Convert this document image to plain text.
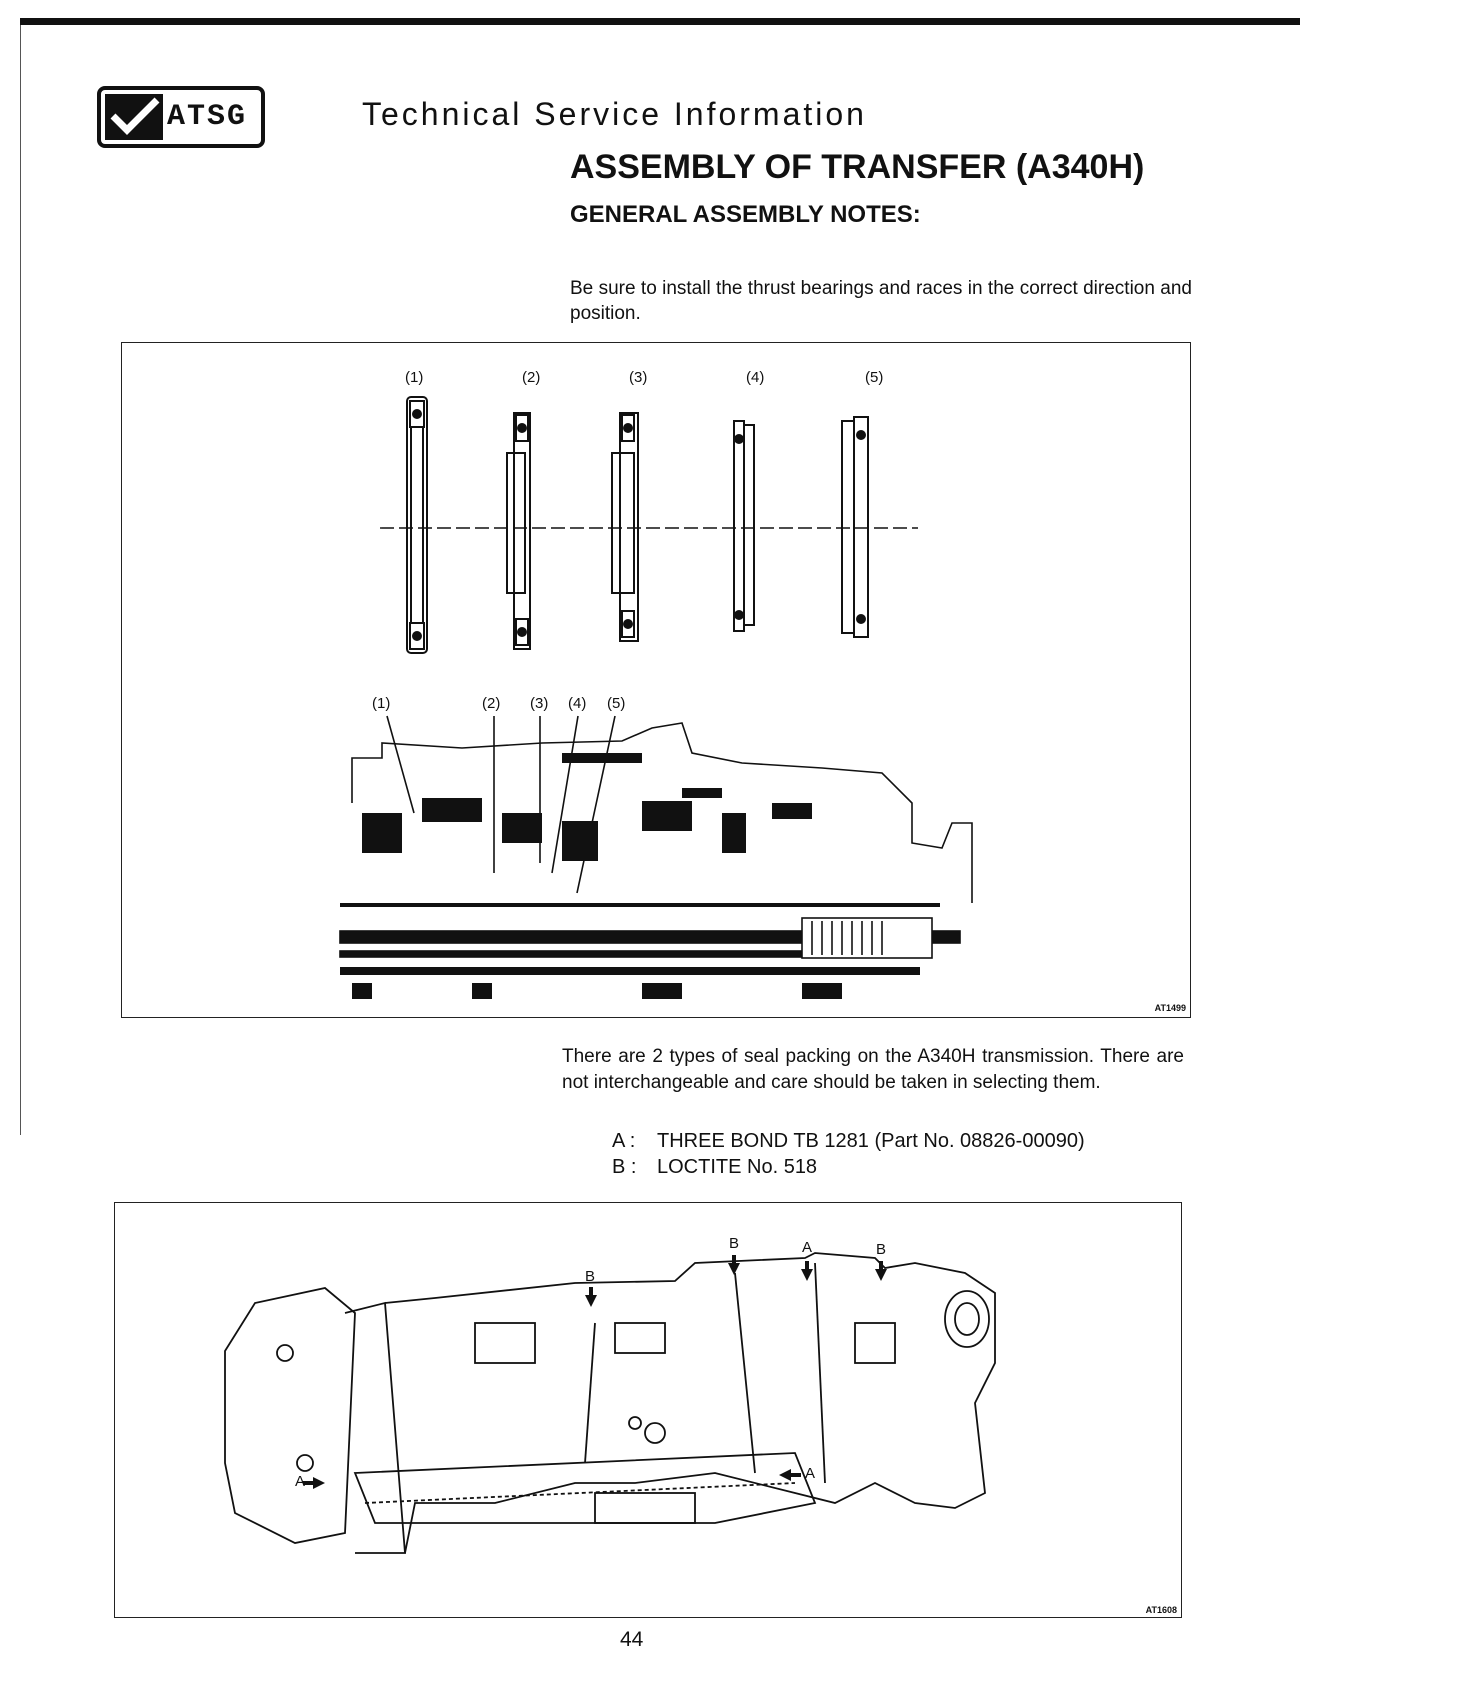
ATSG	Technical Service Information
ASSEMBLY OF TRANSFER (A340H)
GENERAL ASSEMBLY NOTES:
Be sure to install the thrust bearings and races in the correct direction and position.
(1)	(2)	(3)	(4)	(5)
(1)	(2) (3) (4) (5)
AT1499
There are 2 types of seal packing on the A340H transmission. There are not interchangeable and care should be taken in selecting them.
A :	THREE BOND TB 1281 (Part No. 08826-00090)
B :	LOCTITE No. 518
B
B	A	B
A	A
AT1608
44
